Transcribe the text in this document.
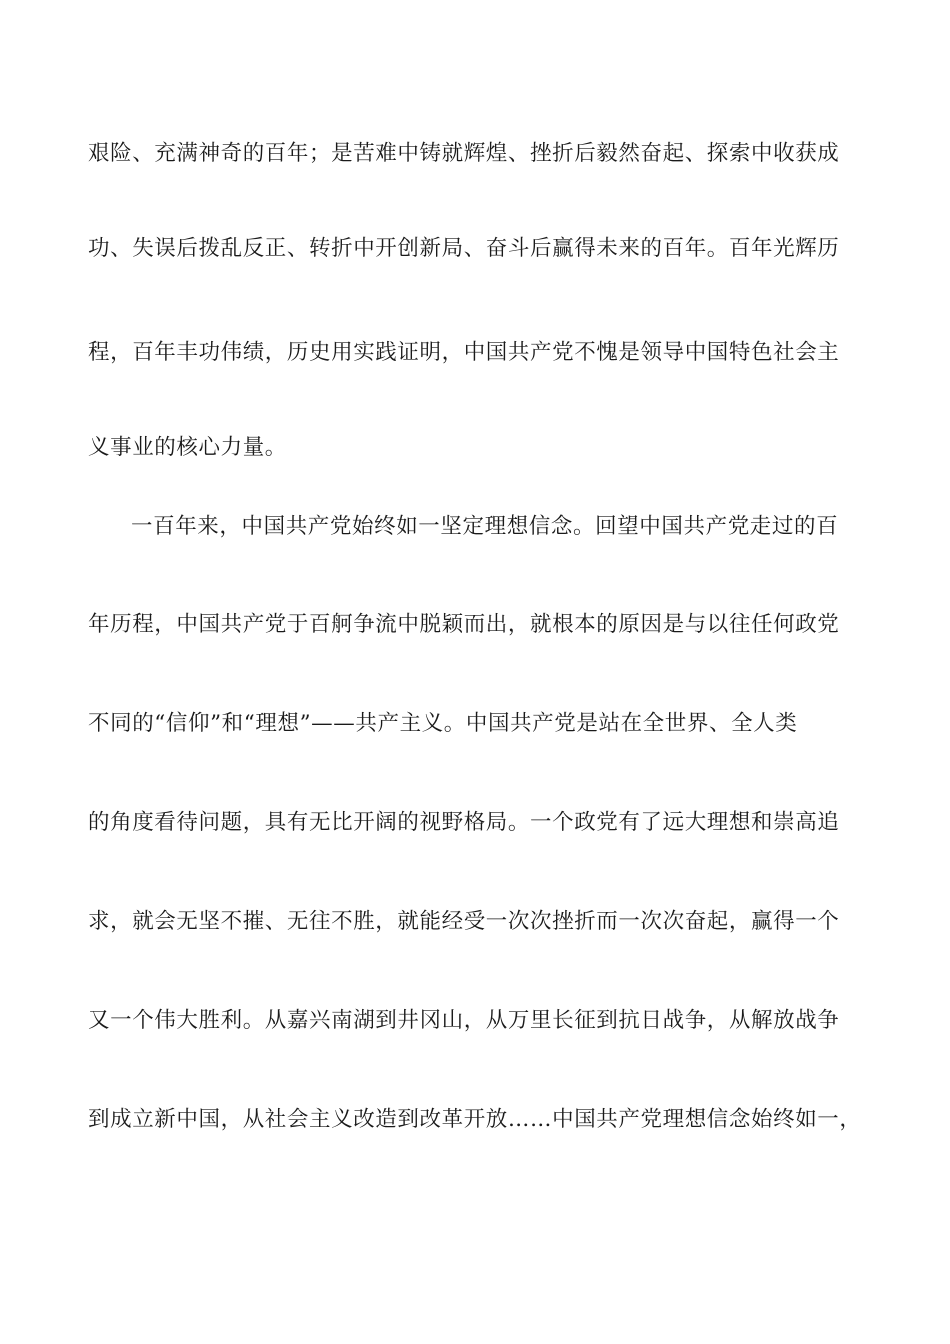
艰险、充满神奇的百年；是苦难中铸就辉煌、挫折后毅然奋起、探索中收获成
功、失误后拨乱反正、转折中开创新局、奋斗后赢得未来的百年。百年光辉历
程，百年丰功伟绩，历史用实践证明，中国共产党不愧是领导中国特色社会主
义事业的核心力量。
一百年来，中国共产党始终如一坚定理想信念。回望中国共产党走过的百
年历程，中国共产党于百舸争流中脱颖而出，就根本的原因是与以往任何政党
不同的“信仰”和“理想”——共产主义。中国共产党是站在全世界、全人类
的角度看待问题，具有无比开阔的视野格局。一个政党有了远大理想和崇高追
求，就会无坚不摧、无往不胜，就能经受一次次挫折而一次次奋起，赢得一个
又一个伟大胜利。从嘉兴南湖到井冈山，从万里长征到抗日战争，从解放战争
到成立新中国，从社会主义改造到改革开放……中国共产党理想信念始终如一，
